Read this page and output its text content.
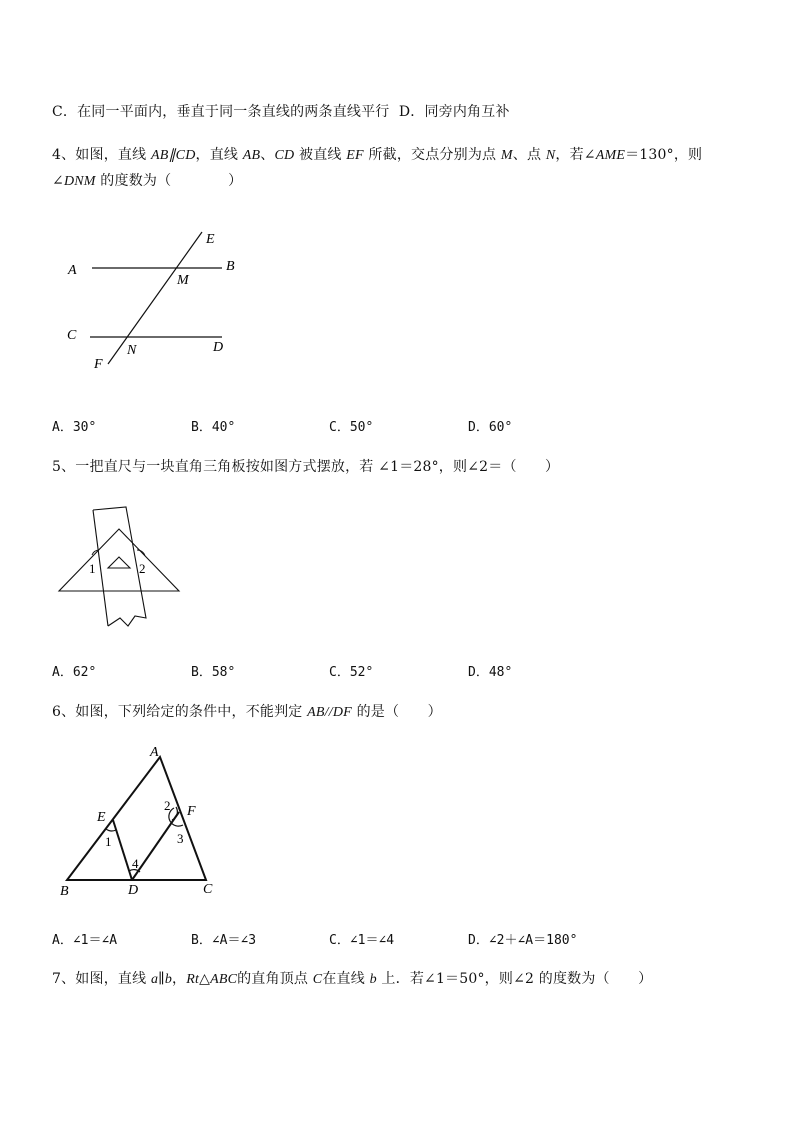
C．在同一平面内，垂直于同一条直线的两条直线平行 D．同旁内角互补
4、如图，直线 AB∥CD，直线 AB、CD 被直线 EF 所截，交点分别为点 M、点 N，若∠AME＝130°，则
∠DNM 的度数为（　　　　）
A	B
C
D
E
F
M
N
A．30°	B．40°	C．50°	D．60°
5、一把直尺与一块直角三角板按如图方式摆放，若 ∠1＝28°，则∠2＝（　　）
1	2
A．62°	B．58°	C．52°	D．48°
6、如图，下列给定的条件中，不能判定 AB//DF 的是（　　）
A
B	C
D
E	F
1
2
3
4
A．∠1＝∠A	B．∠A＝∠3	C．∠1＝∠4	D．∠2＋∠A＝180°
7、如图，直线 a∥b，Rt△ABC的直角顶点 C在直线 b 上．若∠1＝50°，则∠2 的度数为（　　）
